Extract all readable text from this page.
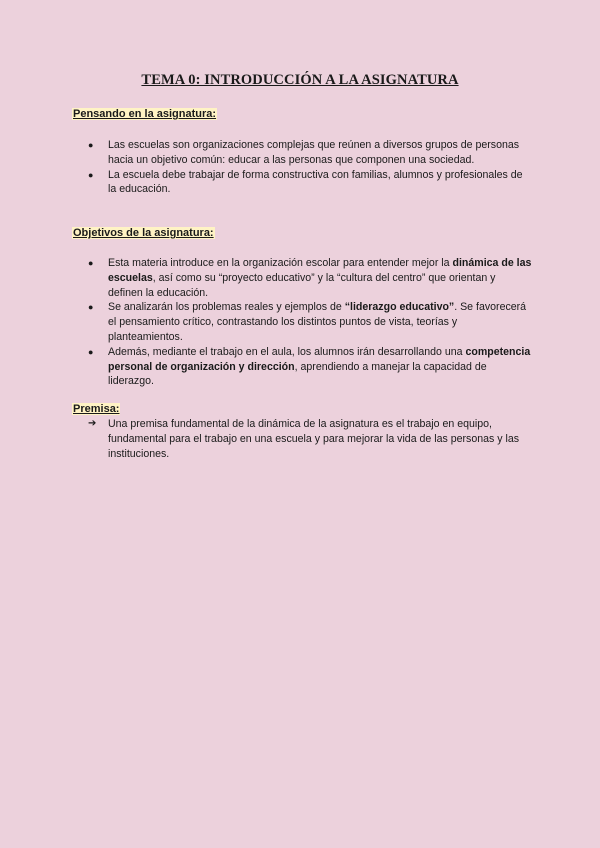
TEMA 0: INTRODUCCIÓN A LA ASIGNATURA

Pensando en la asignatura:

●	Las escuelas son organizaciones complejas que reúnen a diversos grupos de personas hacia un objetivo común: educar a las personas que componen una sociedad.
●	La escuela debe trabajar de forma constructiva con familias, alumnos y profesionales de la educación.

Objetivos de la asignatura:

●	Esta materia introduce en la organización escolar para entender mejor la dinámica de las escuelas, así como su “proyecto educativo” y la “cultura del centro” que orientan y definen la educación.
●	Se analizarán los problemas reales y ejemplos de “liderazgo educativo”. Se favorecerá el pensamiento crítico, contrastando los distintos puntos de vista, teorías y planteamientos.
●	Además, mediante el trabajo en el aula, los alumnos irán desarrollando una competencia personal de organización y dirección, aprendiendo a manejar la capacidad de liderazgo.

Premisa:

➔	Una premisa fundamental de la dinámica de la asignatura es el trabajo en equipo, fundamental para el trabajo en una escuela y para mejorar la vida de las personas y las instituciones.
